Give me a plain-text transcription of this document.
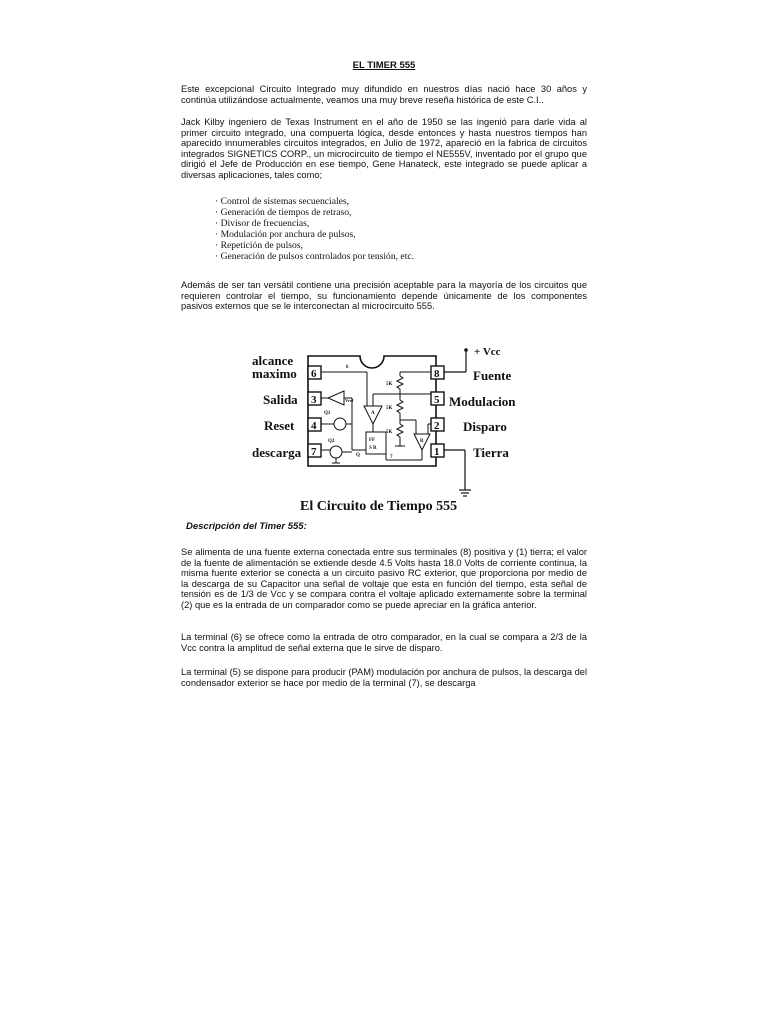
EL TIMER 555
Este excepcional Circuito Integrado muy difundido en nuestros días nació hace 30 años y continúa utilizándose actualmente, veamos una muy breve reseña histórica de este C.I..
Jack Kilby ingeniero de Texas Instrument en el año de 1950 se las ingenió para darle vida al primer circuito integrado, una compuerta lógica, desde entonces y hasta nuestros tiempos han aparecido innumerables circuitos integrados, en Julio de 1972, apareció en la fabrica de circuitos integrados SIGNETICS CORP., un microcircuito de tiempo el NE555V, inventado por el grupo que dirigió el Jefe de Producción en ese tiempo, Gene Hanateck, este integrado se puede aplicar a diversas aplicaciones, tales como;
· Control de sistemas secuenciales,
· Generación de tiempos de retraso,
· Divisor de frecuencias,
· Modulación por anchura de pulsos,
· Repetición de pulsos,
· Generación de pulsos controlados por tensión, etc.
Además de ser tan versátil contiene una precisión aceptable para la mayoría de los circuitos que requieren controlar el tiempo, su funcionamiento depende únicamente de los componentes pasivos externos que se le interconectan al microcircuito 555.
6
3
4
7
8
5
2
1
alcance
maximo
Salida
Reset
descarga
+ Vcc
Fuente
Modulacion
Disparo
Tierra
5K
5K
5K
A
6
B
FF
S R
7
Q
Vref
Q1
Q2
El Circuito de Tiempo 555
Descripción del Timer 555:
Se alimenta de una fuente externa conectada entre sus terminales (8) positiva y (1) tierra; el valor de la fuente de alimentación se extiende desde 4.5 Volts hasta 18.0 Volts de corriente continua, la misma fuente exterior se conecta a un circuito pasivo RC exterior, que proporciona por medio de la descarga de su Capacitor una señal de voltaje que esta en función del tiempo, esta señal de tensión es de 1/3 de Vcc y se compara contra el voltaje aplicado externamente sobre la terminal (2) que es la entrada de un comparador como se puede apreciar en la gráfica anterior.
La terminal (6) se ofrece como la entrada de otro comparador, en la cual se compara a 2/3 de la Vcc contra la amplitud de señal externa que le sirve de disparo.
La terminal (5) se dispone para producir (PAM) modulación por anchura de pulsos, la descarga del condensador exterior se hace por medio de la terminal (7), se descarga
